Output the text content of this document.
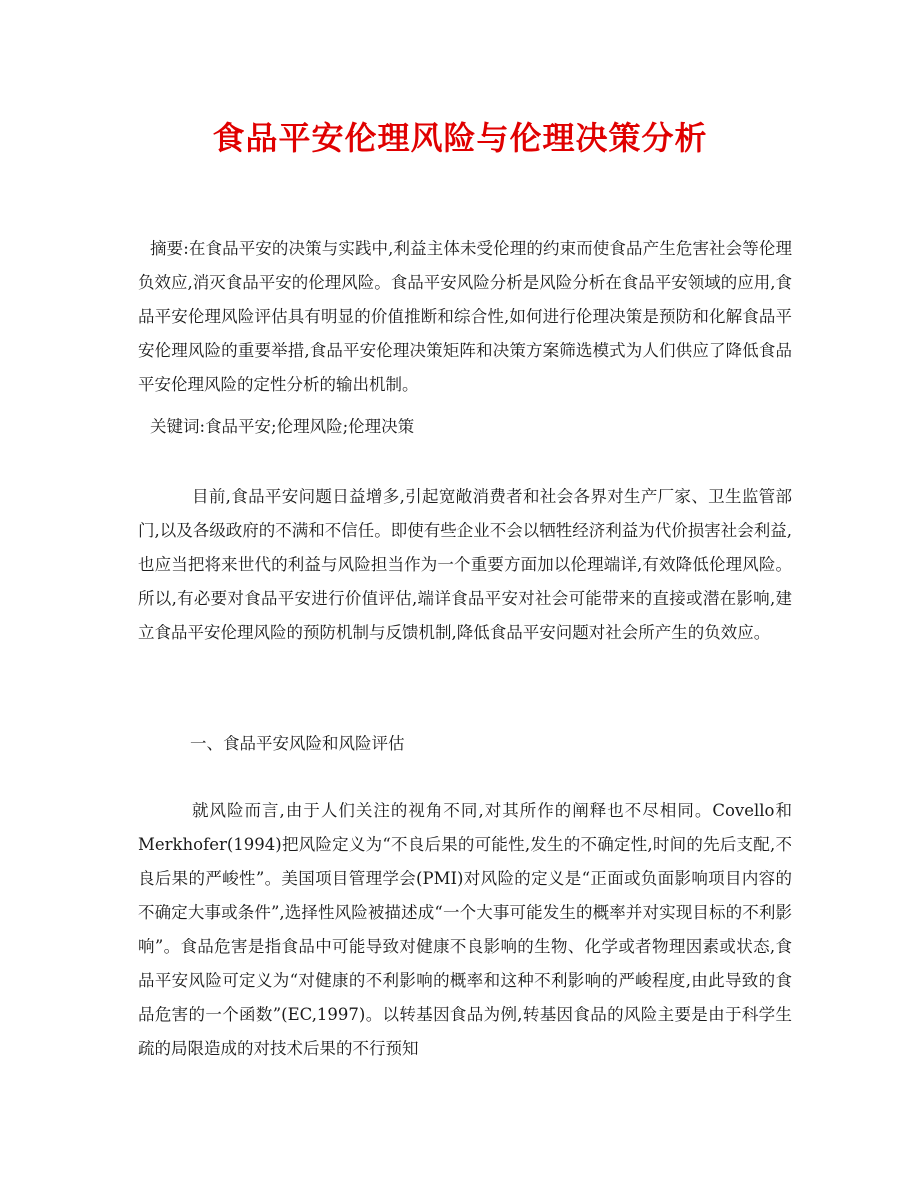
食品平安伦理风险与伦理决策分析

摘要:在食品平安的决策与实践中,利益主体未受伦理的约束而使食品产生危害社会等伦理负效应,消灭食品平安的伦理风险。食品平安风险分析是风险分析在食品平安领域的应用,食品平安伦理风险评估具有明显的价值推断和综合性,如何进行伦理决策是预防和化解食品平安伦理风险的重要举措,食品平安伦理决策矩阵和决策方案筛选模式为人们供应了降低食品平安伦理风险的定性分析的输出机制。

关键词:食品平安;伦理风险;伦理决策

目前,食品平安问题日益增多,引起宽敞消费者和社会各界对生产厂家、卫生监管部门,以及各级政府的不满和不信任。即使有些企业不会以牺牲经济利益为代价损害社会利益,也应当把将来世代的利益与风险担当作为一个重要方面加以伦理端详,有效降低伦理风险。所以,有必要对食品平安进行价值评估,端详食品平安对社会可能带来的直接或潜在影响,建立食品平安伦理风险的预防机制与反馈机制,降低食品平安问题对社会所产生的负效应。

一、食品平安风险和风险评估

就风险而言,由于人们关注的视角不同,对其所作的阐释也不尽相同。Covello和Merkhofer(1994)把风险定义为“不良后果的可能性,发生的不确定性,时间的先后支配,不良后果的严峻性”。美国项目管理学会(PMI)对风险的定义是“正面或负面影响项目内容的不确定大事或条件”,选择性风险被描述成“一个大事可能发生的概率并对实现目标的不利影响”。食品危害是指食品中可能导致对健康不良影响的生物、化学或者物理因素或状态,食品平安风险可定义为“对健康的不利影响的概率和这种不利影响的严峻程度,由此导致的食品危害的一个函数”(EC,1997)。以转基因食品为例,转基因食品的风险主要是由于科学生疏的局限造成的对技术后果的不行预知
